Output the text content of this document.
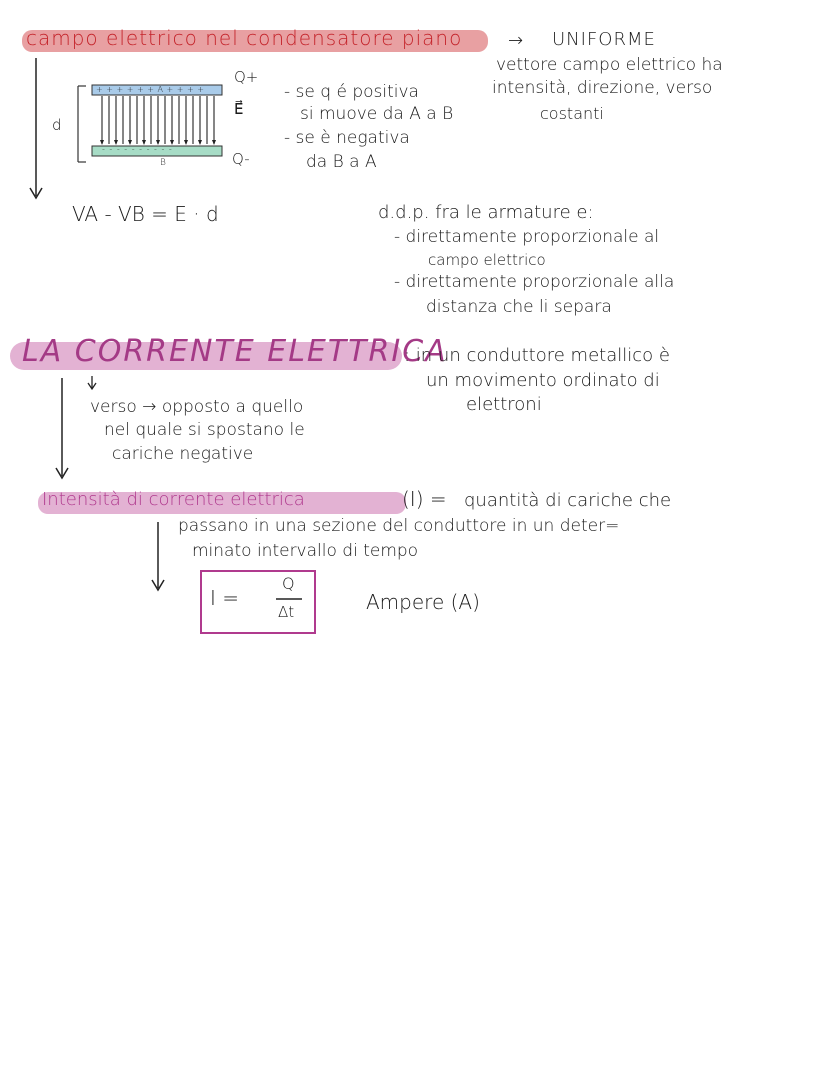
campo elettrico nel condensatore piano	→ UNIFORME
vettore campo elettrico ha
intensità, direzione, verso
costanti
d
+ + + + + + A + + + +
- - - - - - - - - -
B
Q+
E⃗
Q-
- se q é positiva
si muove da A a B
- se è negativa
da B a A
VA - VB = E · d	d.d.p. fra le armature e:
- direttamente proporzionale al
campo elettrico
- direttamente proporzionale alla
distanza che li separa
LA CORRENTE ELETTRICA
: in un conduttore metallico è
un movimento ordinato di
elettroni
verso → opposto a quello
nel quale si spostano le
cariche negative
Intensità di corrente elettrica	(I) = quantità di cariche che
passano in una sezione del conduttore in un deter=
minato intervallo di tempo
I =
Q
Δt	Ampere (A)
